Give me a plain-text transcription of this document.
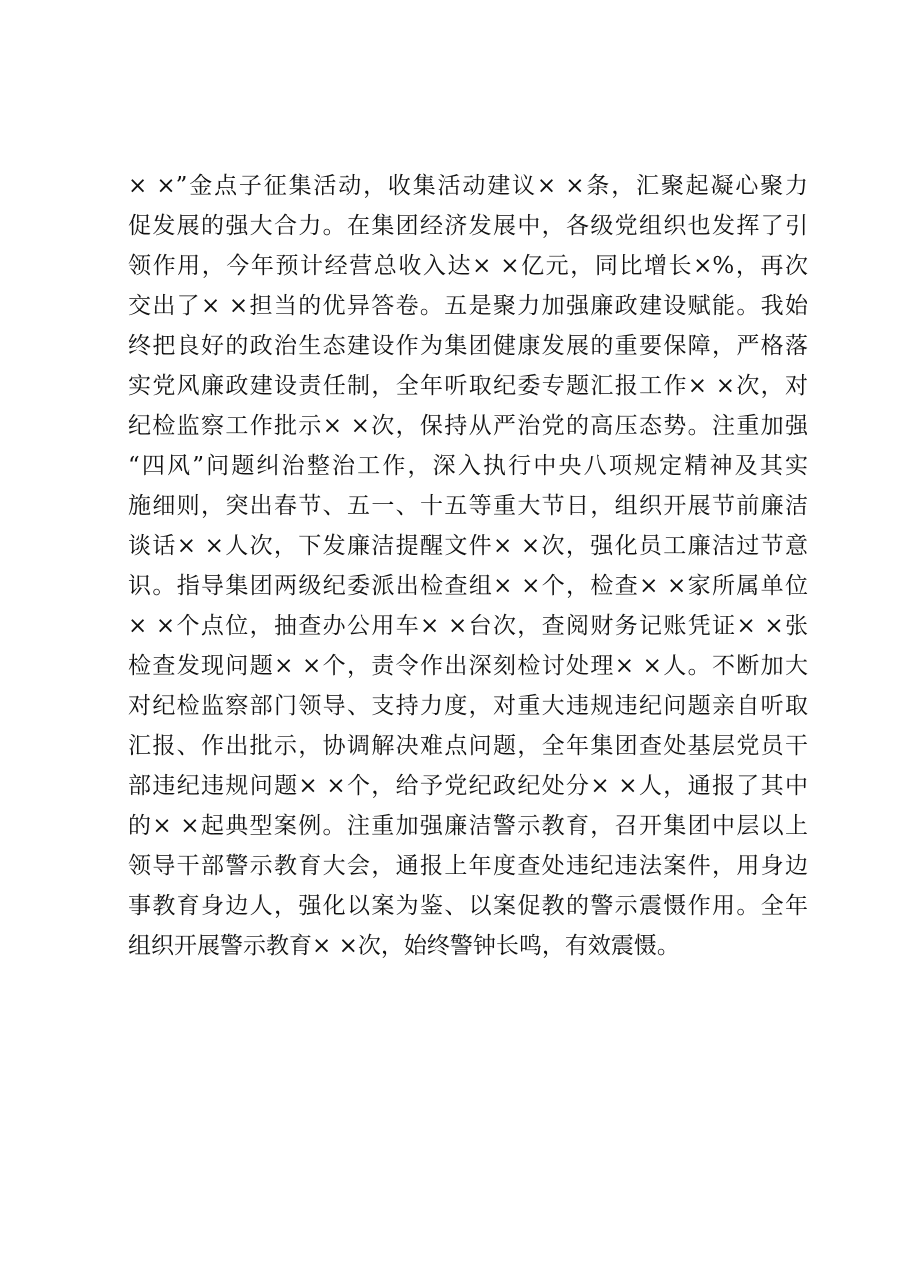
× ×”金点子征集活动，收集活动建议× ×条，汇聚起凝心聚力
促发展的强大合力。在集团经济发展中，各级党组织也发挥了引
领作用，今年预计经营总收入达× ×亿元，同比增长×%，再次
交出了× ×担当的优异答卷。五是聚力加强廉政建设赋能。我始
终把良好的政治生态建设作为集团健康发展的重要保障，严格落
实党风廉政建设责任制，全年听取纪委专题汇报工作× ×次，对
纪检监察工作批示× ×次，保持从严治党的高压态势。注重加强
“四风”问题纠治整治工作，深入执行中央八项规定精神及其实
施细则，突出春节、五一、十五等重大节日，组织开展节前廉洁
谈话× ×人次，下发廉洁提醒文件× ×次，强化员工廉洁过节意
识。指导集团两级纪委派出检查组× ×个，检查× ×家所属单位
× ×个点位，抽查办公用车× ×台次，查阅财务记账凭证× ×张
检查发现问题× ×个，责令作出深刻检讨处理× ×人。不断加大
对纪检监察部门领导、支持力度，对重大违规违纪问题亲自听取
汇报、作出批示，协调解决难点问题，全年集团查处基层党员干
部违纪违规问题× ×个，给予党纪政纪处分× ×人，通报了其中
的× ×起典型案例。注重加强廉洁警示教育，召开集团中层以上
领导干部警示教育大会，通报上年度查处违纪违法案件，用身边
事教育身边人，强化以案为鉴、以案促教的警示震慑作用。全年
组织开展警示教育× ×次，始终警钟长鸣，有效震慑。
